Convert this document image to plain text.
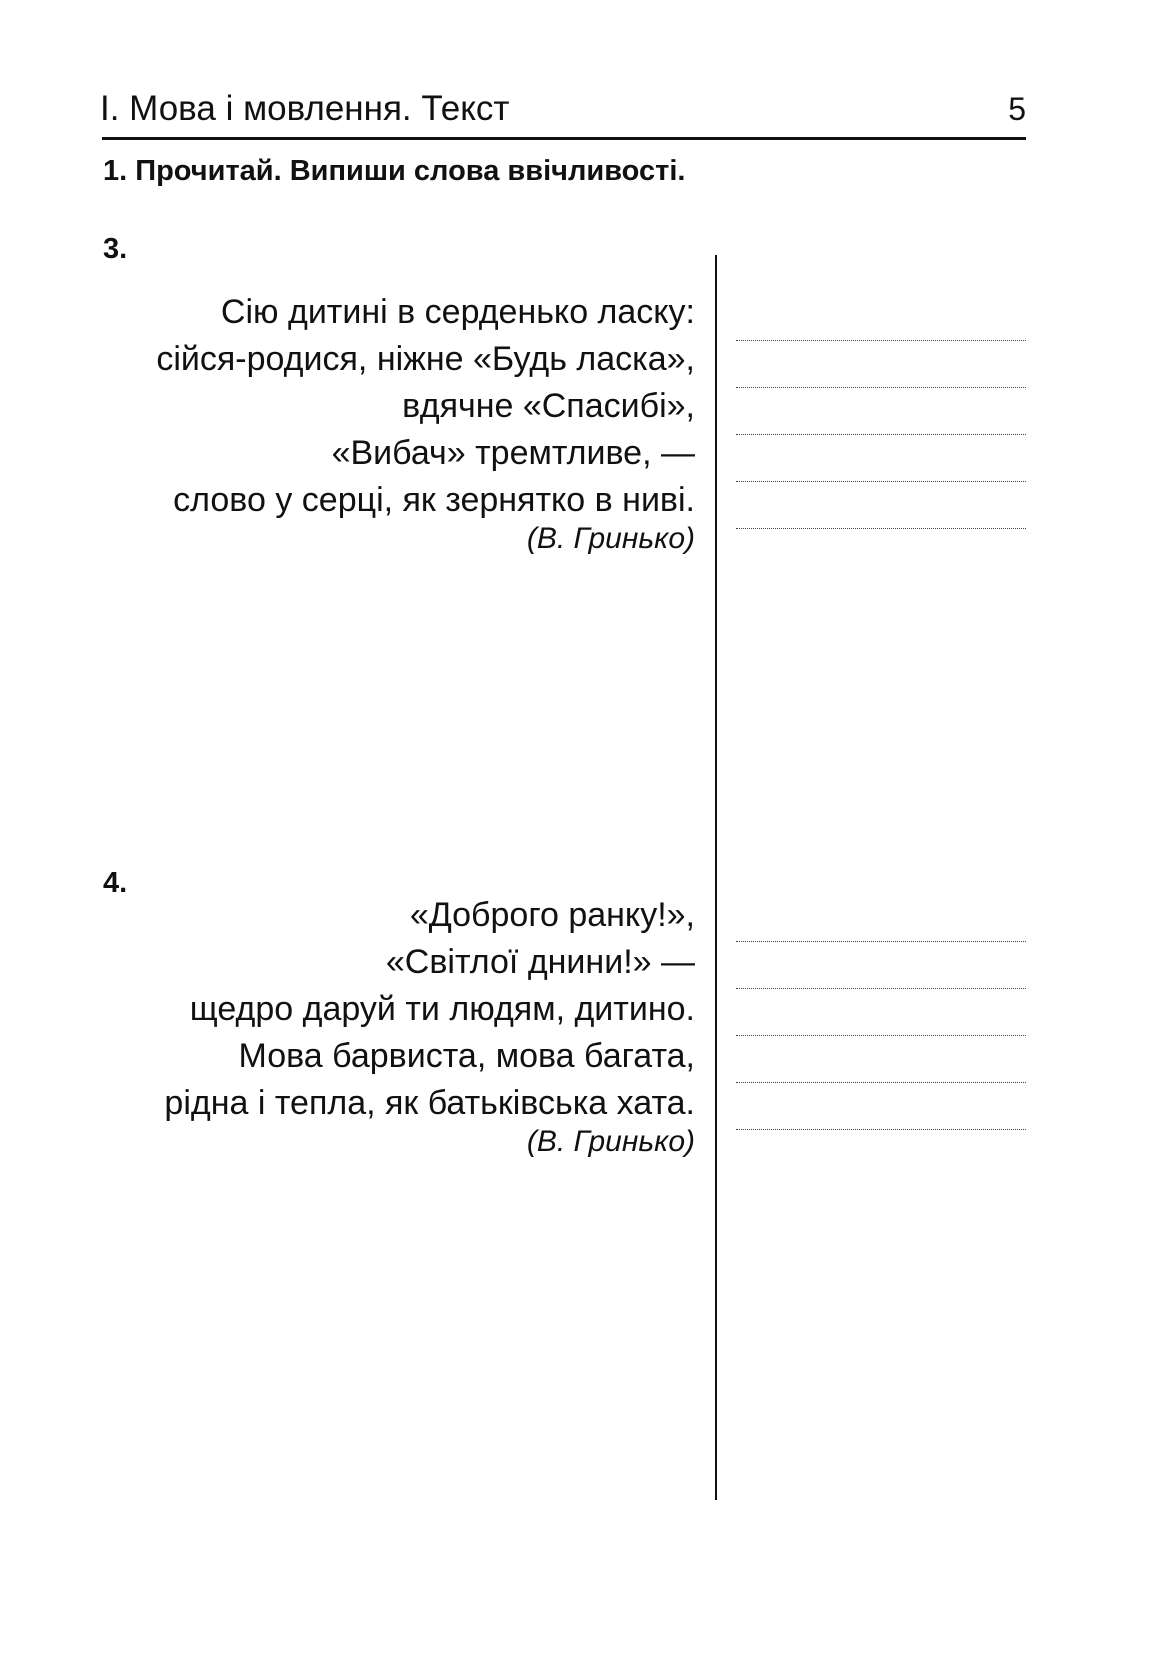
I. Мова і мовлення. Текст	5
1. Прочитай. Випиши слова ввічливості.
3.
Сію дитині в серденько ласку:
сійся-родися, ніжне «Будь ласка»,
вдячне «Спасибі»,
«Вибач» тремтливе, —
слово у серці, як зернятко в ниві.
(В. Гринько)
4.
«Доброго ранку!»,
«Світлої днини!» —
щедро даруй ти людям, дитино.
Мова барвиста, мова багата,
рідна і тепла, як батьківська хата.
(В. Гринько)
